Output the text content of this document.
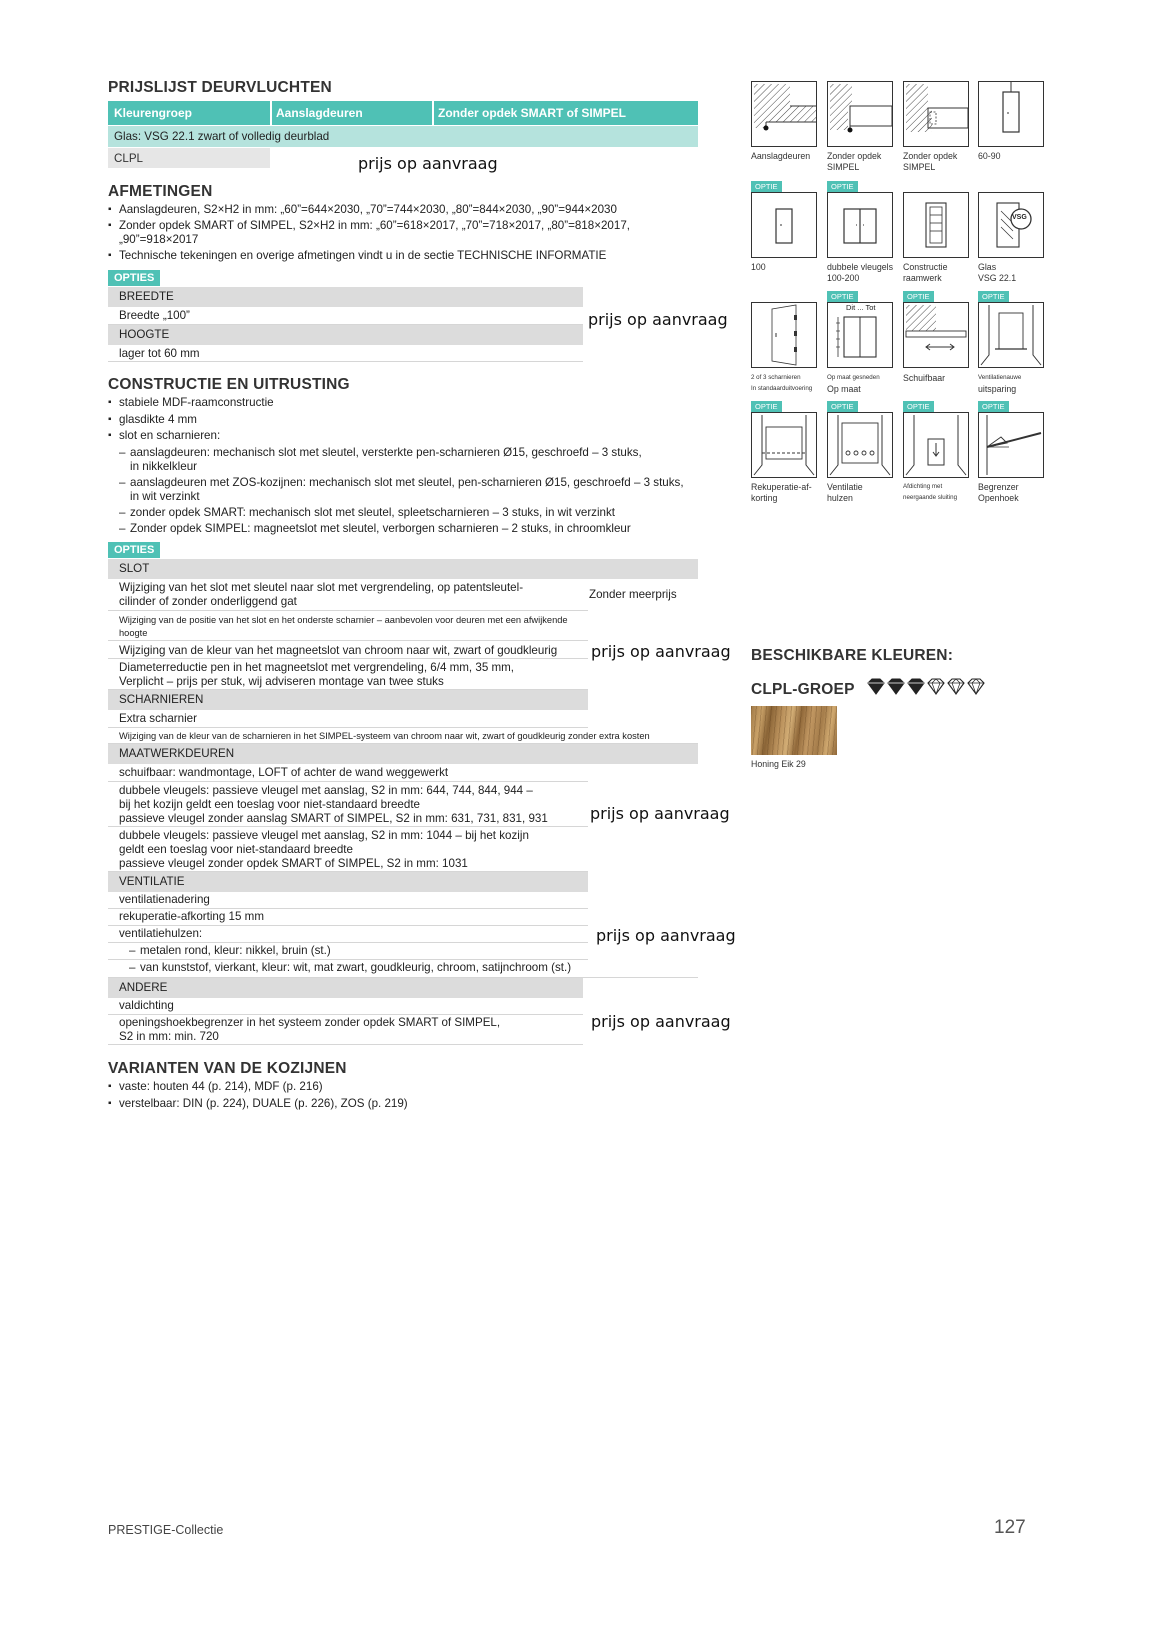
PRIJSLIJST DEURVLUCHTEN
Kleurengroep	Aanslagdeuren	Zonder opdek SMART of SIMPEL
Glas: VSG 22.1 zwart of volledig deurblad
CLPL	prijs op aanvraag
AFMETINGEN
▪ Aanslagdeuren, S2×H2 in mm: „60”=644×2030, „70”=744×2030, „80”=844×2030, „90”=944×2030
▪ Zonder opdek SMART of SIMPEL, S2×H2 in mm: „60”=618×2017, „70”=718×2017, „80”=818×2017,
„90”=918×2017
▪ Technische tekeningen en overige afmetingen vindt u in de sectie TECHNISCHE INFORMATIE
OPTIES
BREEDTE
Breedte „100”
HOOGTE
lager tot 60 mm
prijs op aanvraag
CONSTRUCTIE EN UITRUSTING
▪ stabiele MDF-raamconstructie
▪ glasdikte 4 mm
▪ slot en scharnieren:
– aanslagdeuren: mechanisch slot met sleutel, versterkte pen-scharnieren Ø15, geschroefd – 3 stuks,
in nikkelkleur
– aanslagdeuren met ZOS-kozijnen: mechanisch slot met sleutel, pen-scharnieren Ø15, geschroefd – 3 stuks,
in wit verzinkt
– zonder opdek SMART: mechanisch slot met sleutel, spleetscharnieren – 3 stuks, in wit verzinkt
– Zonder opdek SIMPEL: magneetslot met sleutel, verborgen scharnieren – 2 stuks, in chroomkleur
OPTIES
SLOT
Wijziging van het slot met sleutel naar slot met vergrendeling, op patentsleutel-
cilinder of zonder onderliggend gat
Zonder meerprijs
Wijziging van de positie van het slot en het onderste scharnier – aanbevolen voor deuren met een afwijkende
hoogte
Wijziging van de kleur van het magneetslot van chroom naar wit, zwart of goudkleurig
Diameterreductie pen in het magneetslot met vergrendeling, 6/4 mm, 35 mm,
Verplicht – prijs per stuk, wij adviseren montage van twee stuks
prijs op aanvraag
SCHARNIEREN
Extra scharnier
Wijziging van de kleur van de scharnieren in het SIMPEL-systeem van chroom naar wit, zwart of goudkleurig zonder extra kosten
MAATWERKDEUREN
schuifbaar: wandmontage, LOFT of achter de wand weggewerkt
dubbele vleugels: passieve vleugel met aanslag, S2 in mm: 644, 744, 844, 944 –
bij het kozijn geldt een toeslag voor niet-standaard breedte
passieve vleugel zonder aanslag SMART of SIMPEL, S2 in mm: 631, 731, 831, 931	prijs op aanvraag
dubbele vleugels: passieve vleugel met aanslag, S2 in mm: 1044 – bij het kozijn
geldt een toeslag voor niet-standaard breedte
passieve vleugel zonder opdek SMART of SIMPEL, S2 in mm: 1031
VENTILATIE
ventilatienadering
rekuperatie-afkorting 15 mm
ventilatiehulzen:
– metalen rond, kleur: nikkel, bruin (st.)
– van kunststof, vierkant, kleur: wit, mat zwart, goudkleurig, chroom, satijnchroom (st.)
prijs op aanvraag
ANDERE
valdichting
openingshoekbegrenzer in het systeem zonder opdek SMART of SIMPEL,
S2 in mm: min. 720
prijs op aanvraag
VARIANTEN VAN DE KOZIJNEN
▪ vaste: houten 44 (p. 214), MDF (p. 216)
▪ verstelbaar: DIN (p. 224), DUALE (p. 226), ZOS (p. 219)
Aanslagdeuren	Zonder opdek
SIMPEL
Zonder opdek
SIMPEL
60-90
OPTIE	OPTIE
VSG
100	dubbele vleugels
100-200
Constructie
raamwerk
Glas
VSG 22.1
OPTIE	OPTIE	OPTIE
Dit ... Tot
2 of 3 scharnieren
In standaarduitvoering
Op maat gesneden
Op maat
Schuifbaar	Ventilatienauwe
uitsparing
OPTIE	OPTIE	OPTIE	OPTIE
Rekuperatie-af-
korting
Ventilatie
hulzen
Afdichting met
neergaande sluiting
Begrenzer
Openhoek
BESCHIKBARE KLEUREN:
CLPL-GROEP
Honing Eik 29
PRESTIGE-Collectie	127
